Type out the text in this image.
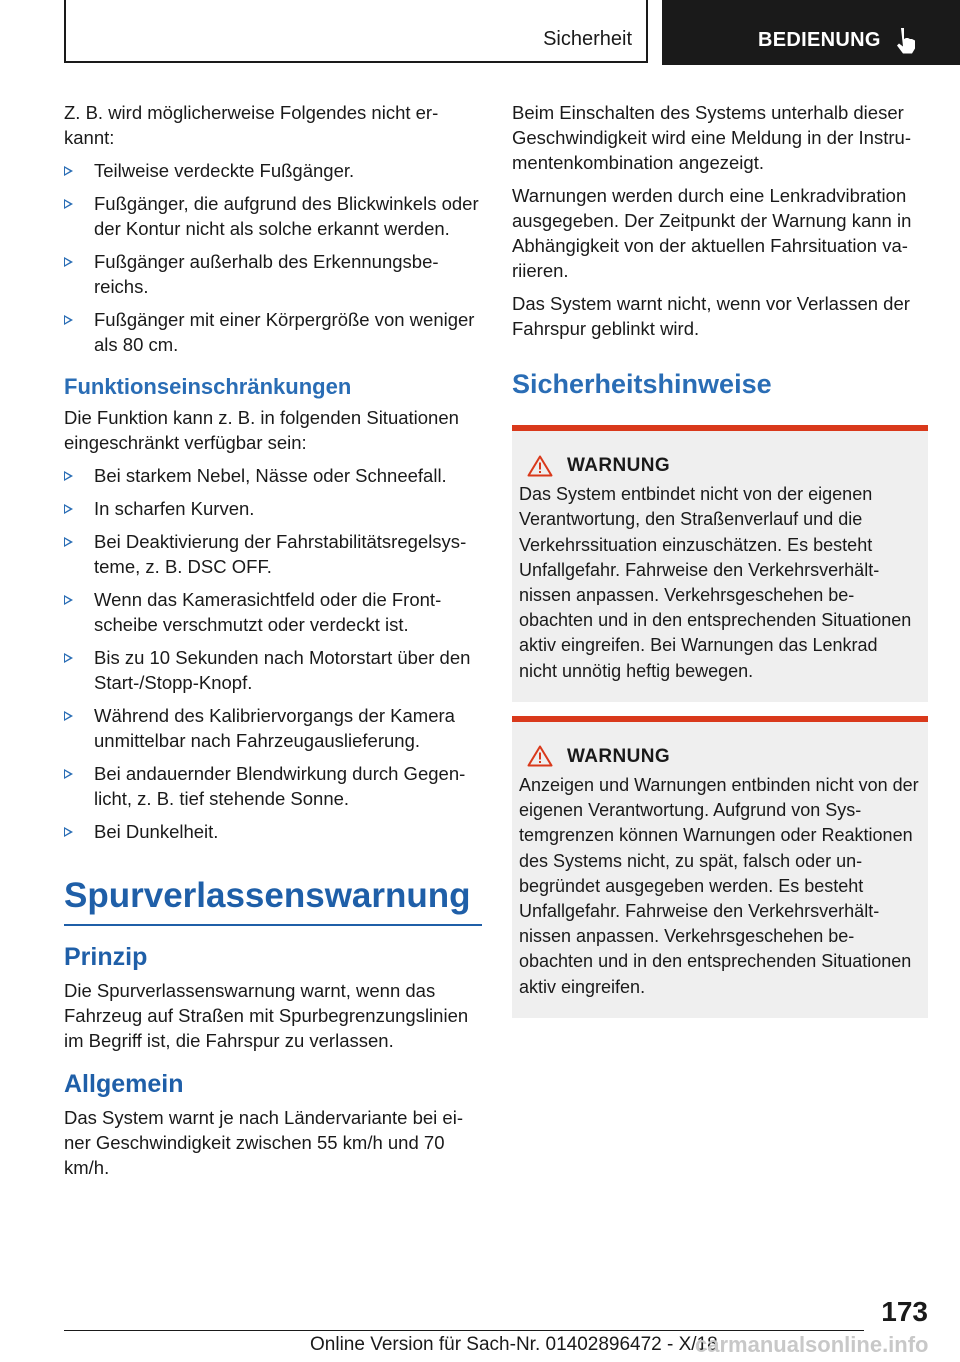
Sicherheit	BEDIENUNG

Z. B. wird möglicherweise Folgendes nicht erkannt:

Teilweise verdeckte Fußgänger.
Fußgänger, die aufgrund des Blickwinkels oder der Kontur nicht als solche erkannt werden.
Fußgänger außerhalb des Erkennungsbereichs.
Fußgänger mit einer Körpergröße von weniger als 80 cm.
Funktionseinschränkungen

Die Funktion kann z. B. in folgenden Situationen eingeschränkt verfügbar sein:

Bei starkem Nebel, Nässe oder Schneefall.
In scharfen Kurven.
Bei Deaktivierung der Fahrstabilitätsregelsysteme, z. B. DSC OFF.
Wenn das Kamerasichtfeld oder die Frontscheibe verschmutzt oder verdeckt ist.
Bis zu 10 Sekunden nach Motorstart über den Start-/Stopp-Knopf.
Während des Kalibriervorgangs der Kamera unmittelbar nach Fahrzeugauslieferung.
Bei andauernder Blendwirkung durch Gegenlicht, z. B. tief stehende Sonne.
Bei Dunkelheit.
Spurverlassenswarnung
Prinzip

Die Spurverlassenswarnung warnt, wenn das Fahrzeug auf Straßen mit Spurbegrenzungslinien im Begriff ist, die Fahrspur zu verlassen.

Allgemein

Das System warnt je nach Ländervariante bei einer Geschwindigkeit zwischen 55 km/h und 70 km/h.

Beim Einschalten des Systems unterhalb dieser Geschwindigkeit wird eine Meldung in der Instrumentenkombination angezeigt.

Warnungen werden durch eine Lenkradvibration ausgegeben. Der Zeitpunkt der Warnung kann in Abhängigkeit von der aktuellen Fahrsituation variieren.

Das System warnt nicht, wenn vor Verlassen der Fahrspur geblinkt wird.

Sicherheitshinweise
WARNUNG
Das System entbindet nicht von der eigenen Verantwortung, den Straßenverlauf und die Verkehrssituation einzuschätzen. Es besteht Unfallgefahr. Fahrweise den Verkehrsverhältnissen anpassen. Verkehrsgeschehen beobachten und in den entsprechenden Situationen aktiv eingreifen. Bei Warnungen das Lenkrad nicht unnötig heftig bewegen.
WARNUNG
Anzeigen und Warnungen entbinden nicht von der eigenen Verantwortung. Aufgrund von Systemgrenzen können Warnungen oder Reaktionen des Systems nicht, zu spät, falsch oder unbegründet ausgegeben werden. Es besteht Unfallgefahr. Fahrweise den Verkehrsverhältnissen anpassen. Verkehrsgeschehen beobachten und in den entsprechenden Situationen aktiv eingreifen.
173
Online Version für Sach-Nr. 01402896472 - X/18
carmanualsonline.info
